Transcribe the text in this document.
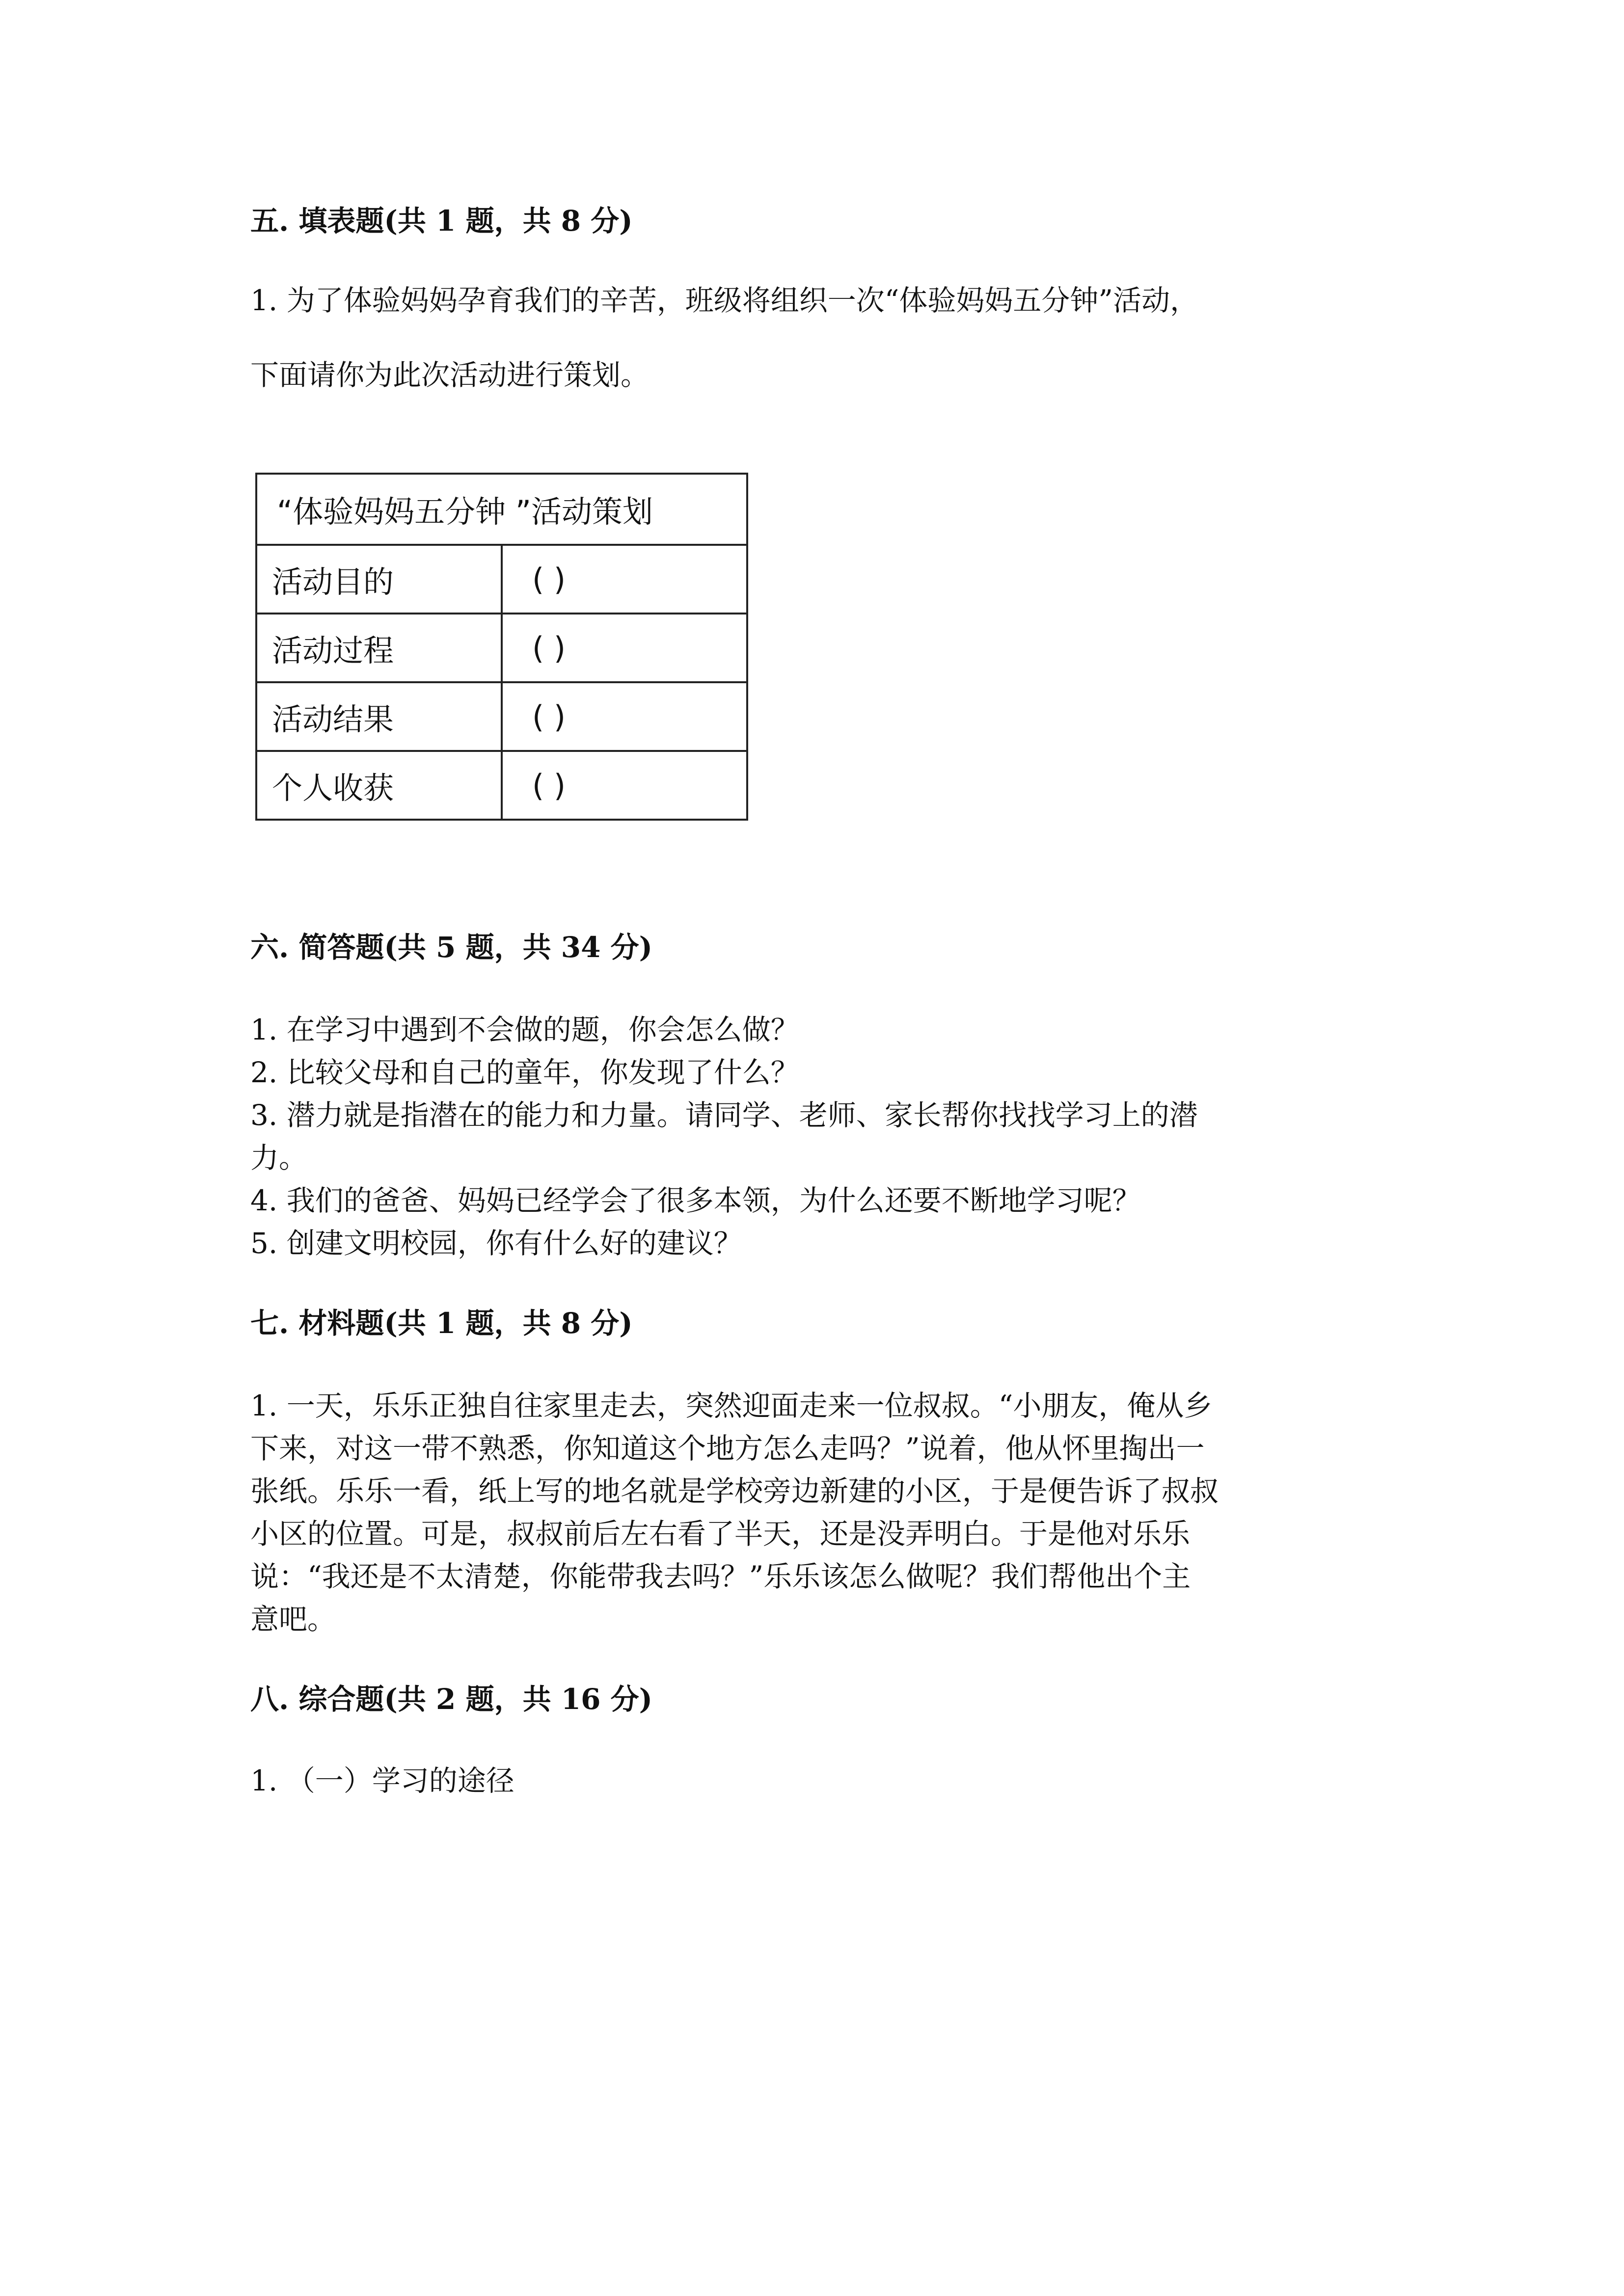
五. 填表题(共 1 题，共 8 分)

1. 为了体验妈妈孕育我们的辛苦，班级将组织一次“体验妈妈五分钟”活动，

下面请你为此次活动进行策划。

“体验妈妈五分钟 ”活动策划	
活动目的	( )
活动过程	( )
活动结果	( )
个人收获	( )

六. 简答题(共 5 题，共 34 分)

1. 在学习中遇到不会做的题，你会怎么做？

2. 比较父母和自己的童年，你发现了什么？

3. 潜力就是指潜在的能力和力量。请同学、老师、家长帮你找找学习上的潜

力。

4. 我们的爸爸、妈妈已经学会了很多本领，为什么还要不断地学习呢？

5. 创建文明校园，你有什么好的建议？

七. 材料题(共 1 题，共 8 分)

1. 一天，乐乐正独自往家里走去，突然迎面走来一位叔叔。“小朋友，俺从乡

下来，对这一带不熟悉，你知道这个地方怎么走吗？”说着，他从怀里掏出一

张纸。乐乐一看，纸上写的地名就是学校旁边新建的小区，于是便告诉了叔叔

小区的位置。可是，叔叔前后左右看了半天，还是没弄明白。于是他对乐乐

说：“我还是不太清楚，你能带我去吗？”乐乐该怎么做呢？我们帮他出个主

意吧。

八. 综合题(共 2 题，共 16 分)

1. （一）学习的途径
